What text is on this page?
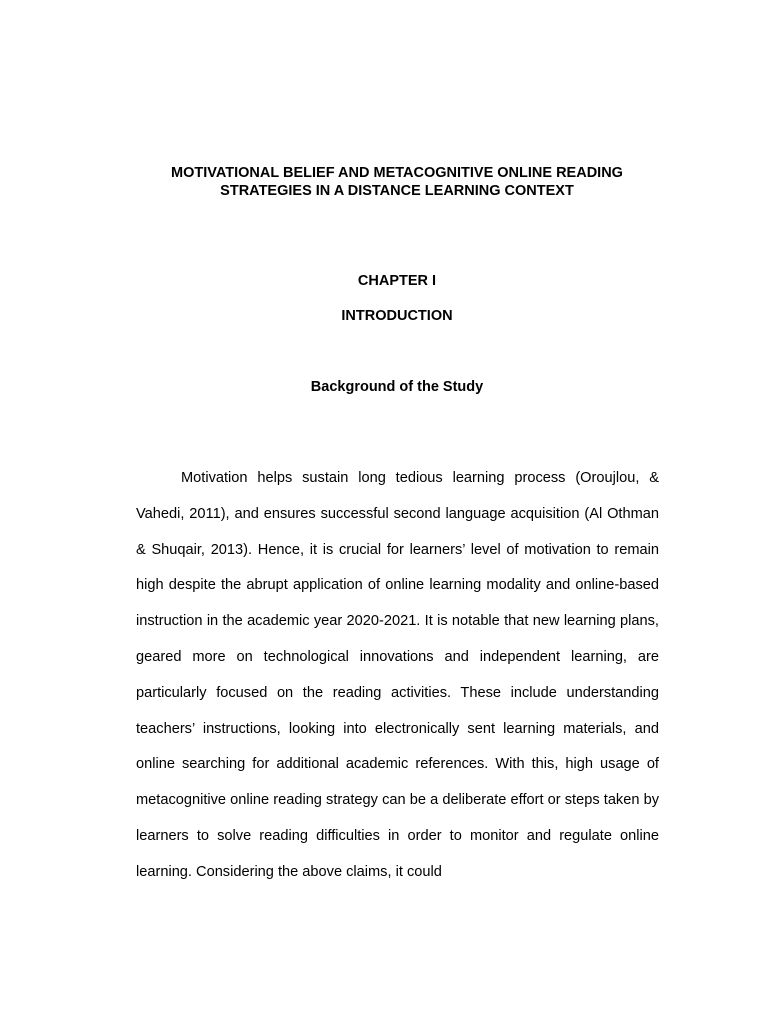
MOTIVATIONAL BELIEF AND METACOGNITIVE ONLINE READING
STRATEGIES IN A DISTANCE LEARNING CONTEXT
CHAPTER I
INTRODUCTION
Background of the Study

Motivation helps sustain long tedious learning process (Oroujlou, & Vahedi, 2011), and ensures successful second language acquisition (Al Othman & Shuqair, 2013). Hence, it is crucial for learners’ level of motivation to remain high despite the abrupt application of online learning modality and online-based instruction in the academic year 2020-2021. It is notable that new learning plans, geared more on technological innovations and independent learning, are particularly focused on the reading activities. These include understanding teachers’ instructions, looking into electronically sent learning materials, and online searching for additional academic references. With this, high usage of metacognitive online reading strategy can be a deliberate effort or steps taken by learners to solve reading difficulties in order to monitor and regulate online learning. Considering the above claims, it could
